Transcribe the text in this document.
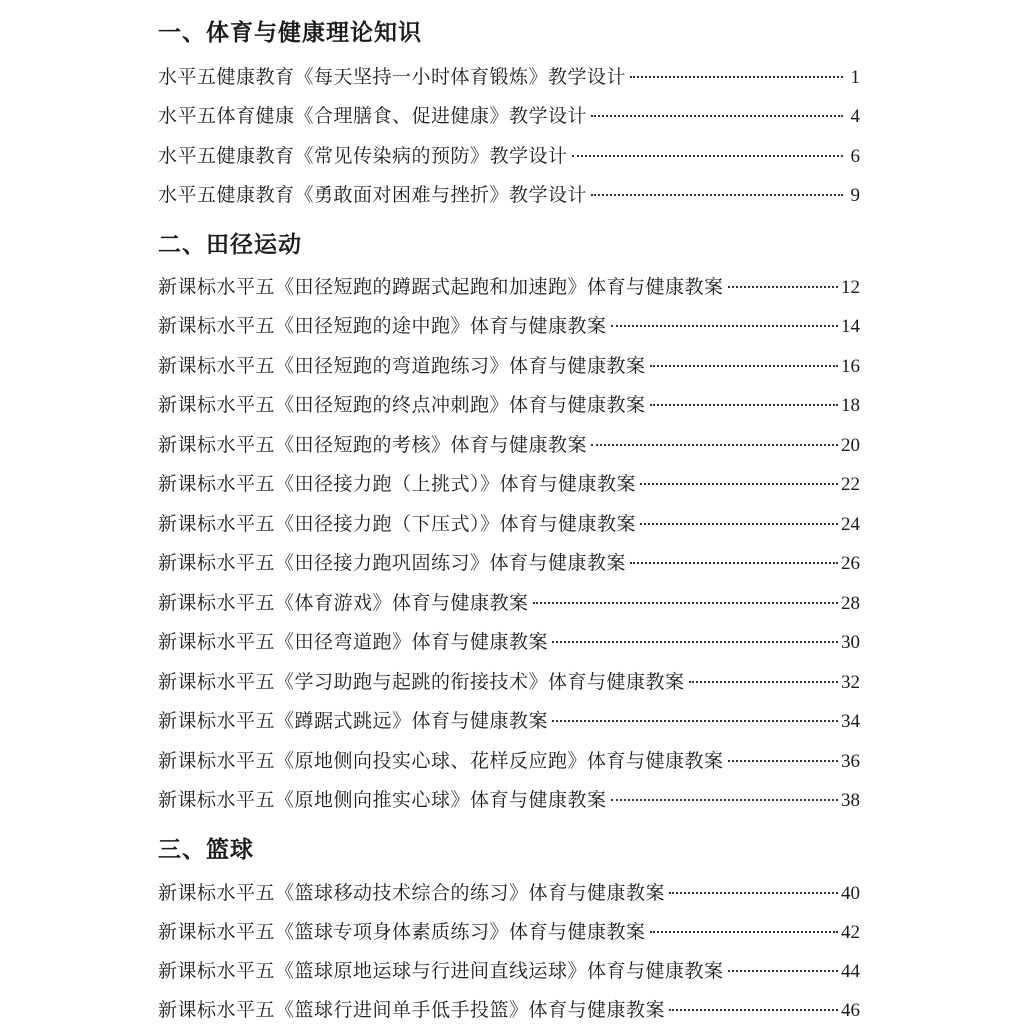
一、体育与健康理论知识
水平五健康教育《每天坚持一小时体育锻炼》教学设计	1
水平五体育健康《合理膳食、促进健康》教学设计	4
水平五健康教育《常见传染病的预防》教学设计	6
水平五健康教育《勇敢面对困难与挫折》教学设计	9
二、田径运动
新课标水平五《田径短跑的蹲踞式起跑和加速跑》体育与健康教案	12
新课标水平五《田径短跑的途中跑》体育与健康教案	14
新课标水平五《田径短跑的弯道跑练习》体育与健康教案	16
新课标水平五《田径短跑的终点冲刺跑》体育与健康教案	18
新课标水平五《田径短跑的考核》体育与健康教案	20
新课标水平五《田径接力跑（上挑式）》体育与健康教案	22
新课标水平五《田径接力跑（下压式）》体育与健康教案	24
新课标水平五《田径接力跑巩固练习》体育与健康教案	26
新课标水平五《体育游戏》体育与健康教案	28
新课标水平五《田径弯道跑》体育与健康教案	30
新课标水平五《学习助跑与起跳的衔接技术》体育与健康教案	32
新课标水平五《蹲踞式跳远》体育与健康教案	34
新课标水平五《原地侧向投实心球、花样反应跑》体育与健康教案	36
新课标水平五《原地侧向推实心球》体育与健康教案	38
三、篮球
新课标水平五《篮球移动技术综合的练习》体育与健康教案	40
新课标水平五《篮球专项身体素质练习》体育与健康教案	42
新课标水平五《篮球原地运球与行进间直线运球》体育与健康教案	44
新课标水平五《篮球行进间单手低手投篮》体育与健康教案	46
